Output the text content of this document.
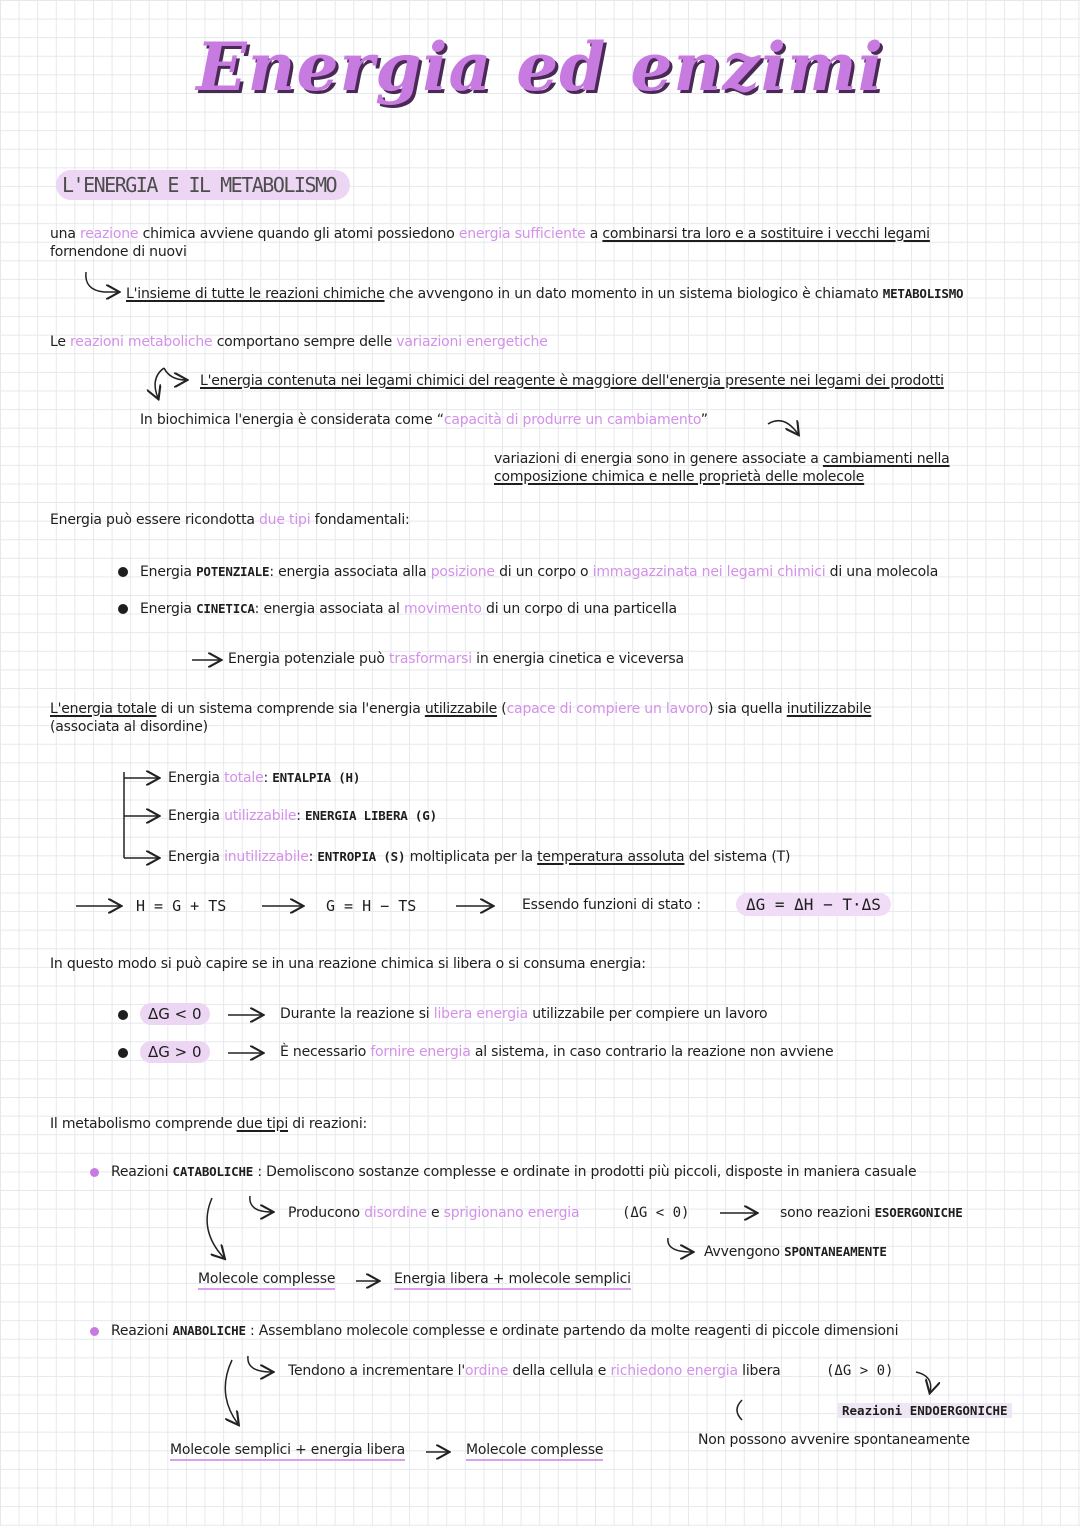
Energia ed enzimi
L'ENERGIA E IL METABOLISMO
una reazione chimica avviene quando gli atomi possiedono energia sufficiente a combinarsi tra loro e a sostituire i vecchi legami
fornendone di nuovi
L'insieme di tutte le reazioni chimiche che avvengono in un dato momento in un sistema biologico è chiamato METABOLISMO
Le reazioni metaboliche comportano sempre delle variazioni energetiche
L'energia contenuta nei legami chimici del reagente è maggiore dell'energia presente nei legami dei prodotti
In biochimica l'energia è considerata come “capacità di produrre un cambiamento”
variazioni di energia sono in genere associate a cambiamenti nella
composizione chimica e nelle proprietà delle molecole
Energia può essere ricondotta due tipi fondamentali:
Energia POTENZIALE: energia associata alla posizione di un corpo o immagazzinata nei legami chimici di una molecola
Energia CINETICA: energia associata al movimento di un corpo di una particella
Energia potenziale può trasformarsi in energia cinetica e viceversa
L'energia totale di un sistema comprende sia l'energia utilizzabile (capace di compiere un lavoro) sia quella inutilizzabile
(associata al disordine)
Energia totale: ENTALPIA (H)
Energia utilizzabile: ENERGIA LIBERA (G)
Energia inutilizzabile: ENTROPIA (S) moltiplicata per la temperatura assoluta del sistema (T)
H = G + TS	G = H − TS	Essendo funzioni di stato :	ΔG = ΔH − T·ΔS
In questo modo si può capire se in una reazione chimica si libera o si consuma energia:
ΔG < 0	Durante la reazione si libera energia utilizzabile per compiere un lavoro
ΔG > 0	È necessario fornire energia al sistema, in caso contrario la reazione non avviene
Il metabolismo comprende due tipi di reazioni:
Reazioni CATABOLICHE : Demoliscono sostanze complesse e ordinate in prodotti più piccoli, disposte in maniera casuale
Producono disordine e sprigionano energia	(ΔG < 0)	sono reazioni ESOERGONICHE
Avvengono SPONTANEAMENTE
Molecole complesse	Energia libera + molecole semplici
Reazioni ANABOLICHE : Assemblano molecole complesse e ordinate partendo da molte reagenti di piccole dimensioni
Tendono a incrementare l'ordine della cellula e richiedono energia libera	(ΔG > 0)
Reazioni ENDOERGONICHE
Non possono avvenire spontaneamente
Molecole semplici + energia libera	Molecole complesse
